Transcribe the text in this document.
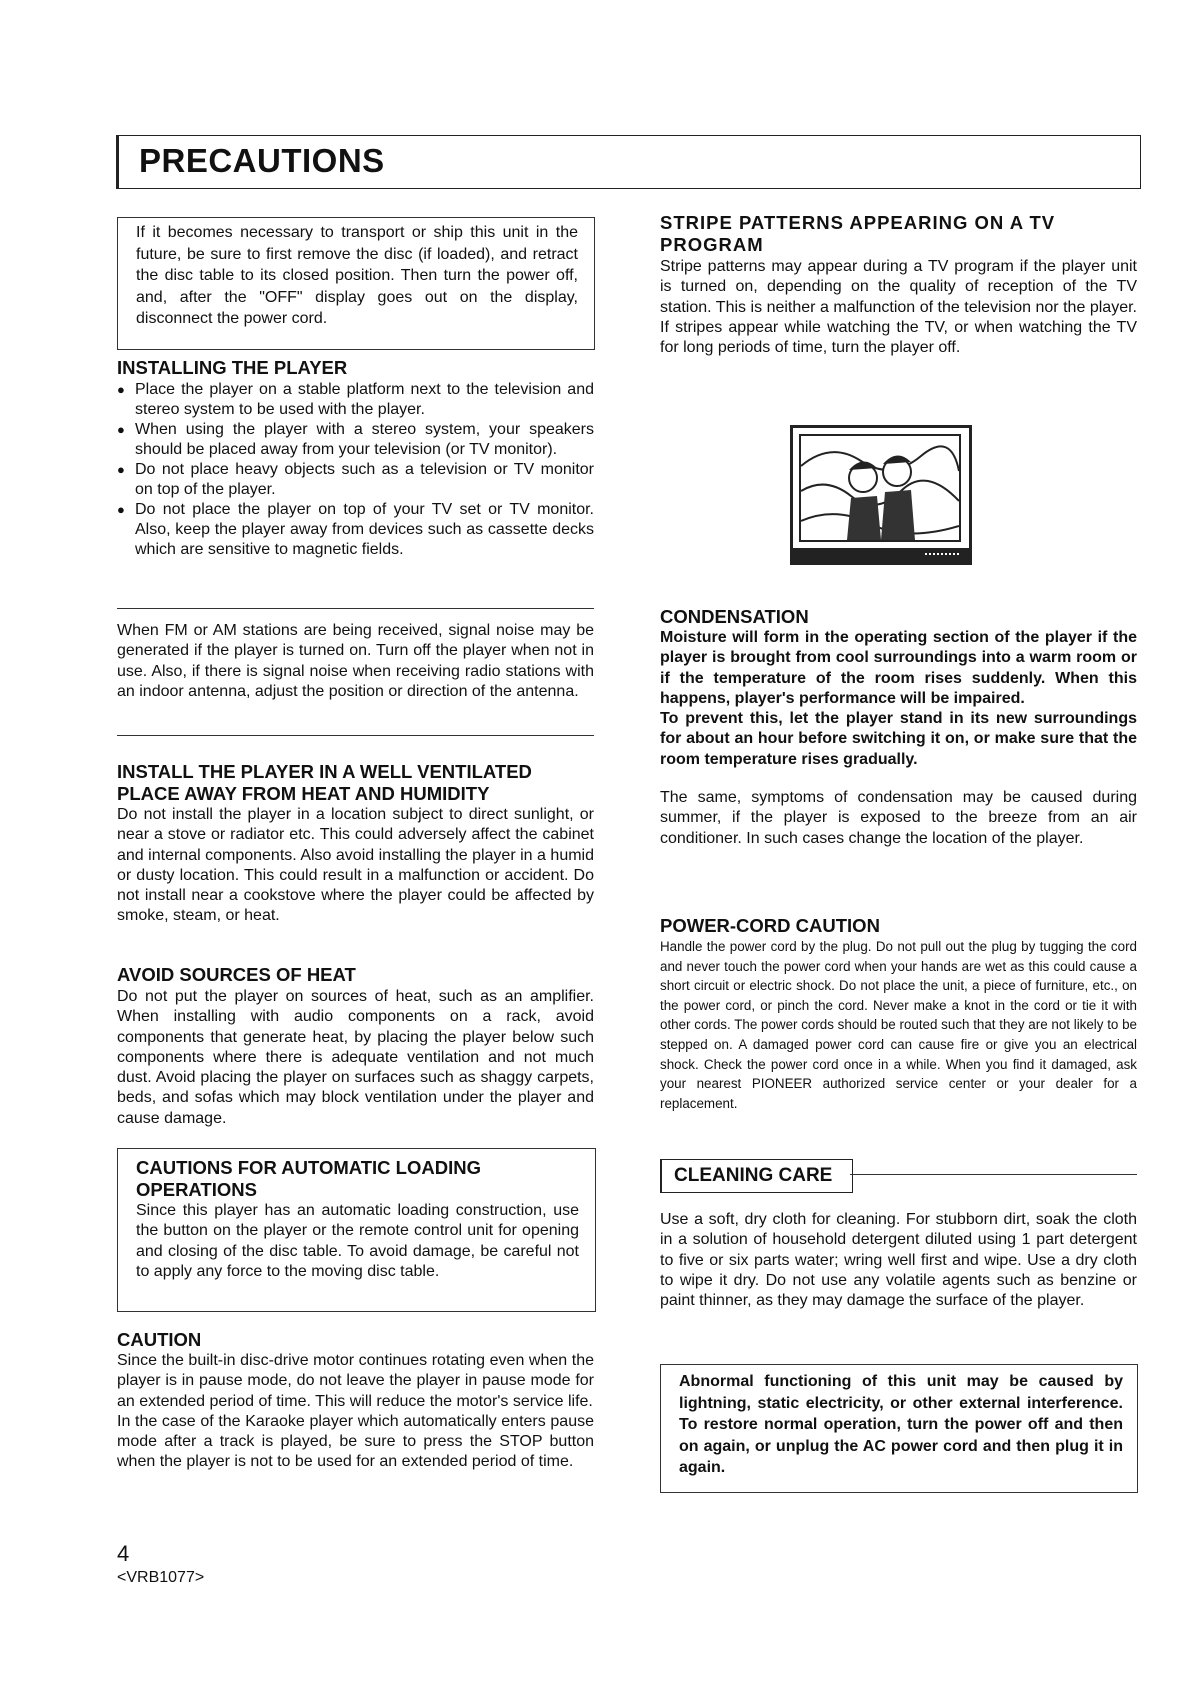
PRECAUTIONS

If it becomes necessary to transport or ship this unit in the future, be sure to first remove the disc (if loaded), and retract the disc table to its closed position. Then turn the power off, and, after the "OFF" display goes out on the display, disconnect the power cord.

INSTALLING THE PLAYER
● Place the player on a stable platform next to the television and stereo system to be used with the player.
● When using the player with a stereo system, your speakers should be placed away from your television (or TV monitor).
● Do not place heavy objects such as a television or TV monitor on top of the player.
● Do not place the player on top of your TV set or TV monitor. Also, keep the player away from devices such as cassette decks which are sensitive to magnetic fields.

When FM or AM stations are being received, signal noise may be generated if the player is turned on. Turn off the player when not in use. Also, if there is signal noise when receiving radio stations with an indoor antenna, adjust the position or direction of the antenna.

INSTALL THE PLAYER IN A WELL VENTILATED PLACE AWAY FROM HEAT AND HUMIDITY

Do not install the player in a location subject to direct sunlight, or near a stove or radiator etc. This could adversely affect the cabinet and internal components. Also avoid installing the player in a humid or dusty location. This could result in a malfunction or accident. Do not install near a cookstove where the player could be affected by smoke, steam, or heat.

AVOID SOURCES OF HEAT

Do not put the player on sources of heat, such as an amplifier. When installing with audio components on a rack, avoid components that generate heat, by placing the player below such components where there is adequate ventilation and not much dust. Avoid placing the player on surfaces such as shaggy carpets, beds, and sofas which may block ventilation under the player and cause damage.

CAUTIONS FOR AUTOMATIC LOADING OPERATIONS

Since this player has an automatic loading construction, use the button on the player or the remote control unit for opening and closing of the disc table. To avoid damage, be careful not to apply any force to the moving disc table.

CAUTION

Since the built-in disc-drive motor continues rotating even when the player is in pause mode, do not leave the player in pause mode for an extended period of time. This will reduce the motor's service life.

In the case of the Karaoke player which automatically enters pause mode after a track is played, be sure to press the STOP button when the player is not to be used for an extended period of time.

4
<VRB1077>
STRIPE PATTERNS APPEARING ON A TV PROGRAM

Stripe patterns may appear during a TV program if the player unit is turned on, depending on the quality of reception of the TV station. This is neither a malfunction of the television nor the player. If stripes appear while watching the TV, or when watching the TV for long periods of time, turn the player off.

CONDENSATION

Moisture will form in the operating section of the player if the player is brought from cool surroundings into a warm room or if the temperature of the room rises suddenly. When this happens, player's performance will be impaired.

To prevent this, let the player stand in its new surroundings for about an hour before switching it on, or make sure that the room temperature rises gradually.

The same, symptoms of condensation may be caused during summer, if the player is exposed to the breeze from an air conditioner. In such cases change the location of the player.

POWER-CORD CAUTION

Handle the power cord by the plug. Do not pull out the plug by tugging the cord and never touch the power cord when your hands are wet as this could cause a short circuit or electric shock. Do not place the unit, a piece of furniture, etc., on the power cord, or pinch the cord. Never make a knot in the cord or tie it with other cords. The power cords should be routed such that they are not likely to be stepped on. A damaged power cord can cause fire or give you an electrical shock. Check the power cord once in a while. When you find it damaged, ask your nearest PIONEER authorized service center or your dealer for a replacement.

CLEANING CARE

Use a soft, dry cloth for cleaning. For stubborn dirt, soak the cloth in a solution of household detergent diluted using 1 part detergent to five or six parts water; wring well first and wipe. Use a dry cloth to wipe it dry. Do not use any volatile agents such as benzine or paint thinner, as they may damage the surface of the player.

Abnormal functioning of this unit may be caused by lightning, static electricity, or other external interference. To restore normal operation, turn the power off and then on again, or unplug the AC power cord and then plug it in again.
